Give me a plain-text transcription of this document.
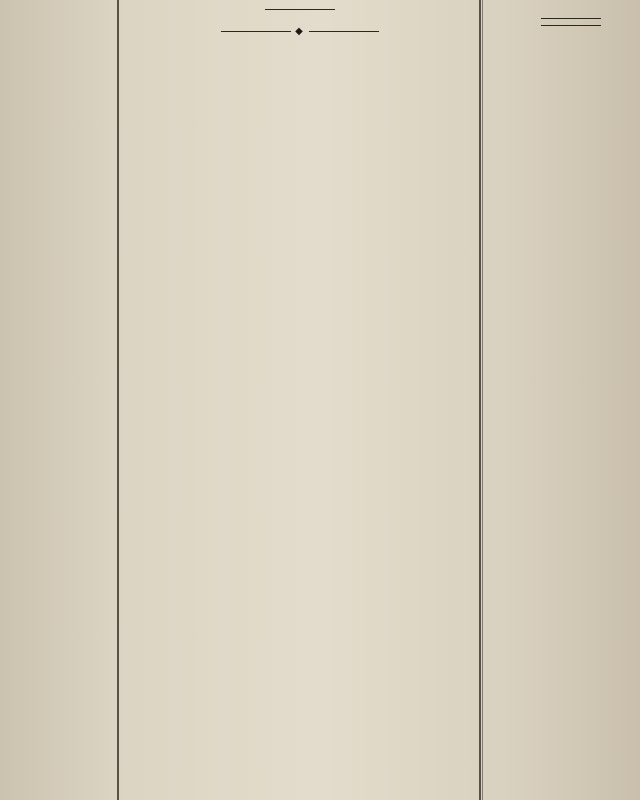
◆
